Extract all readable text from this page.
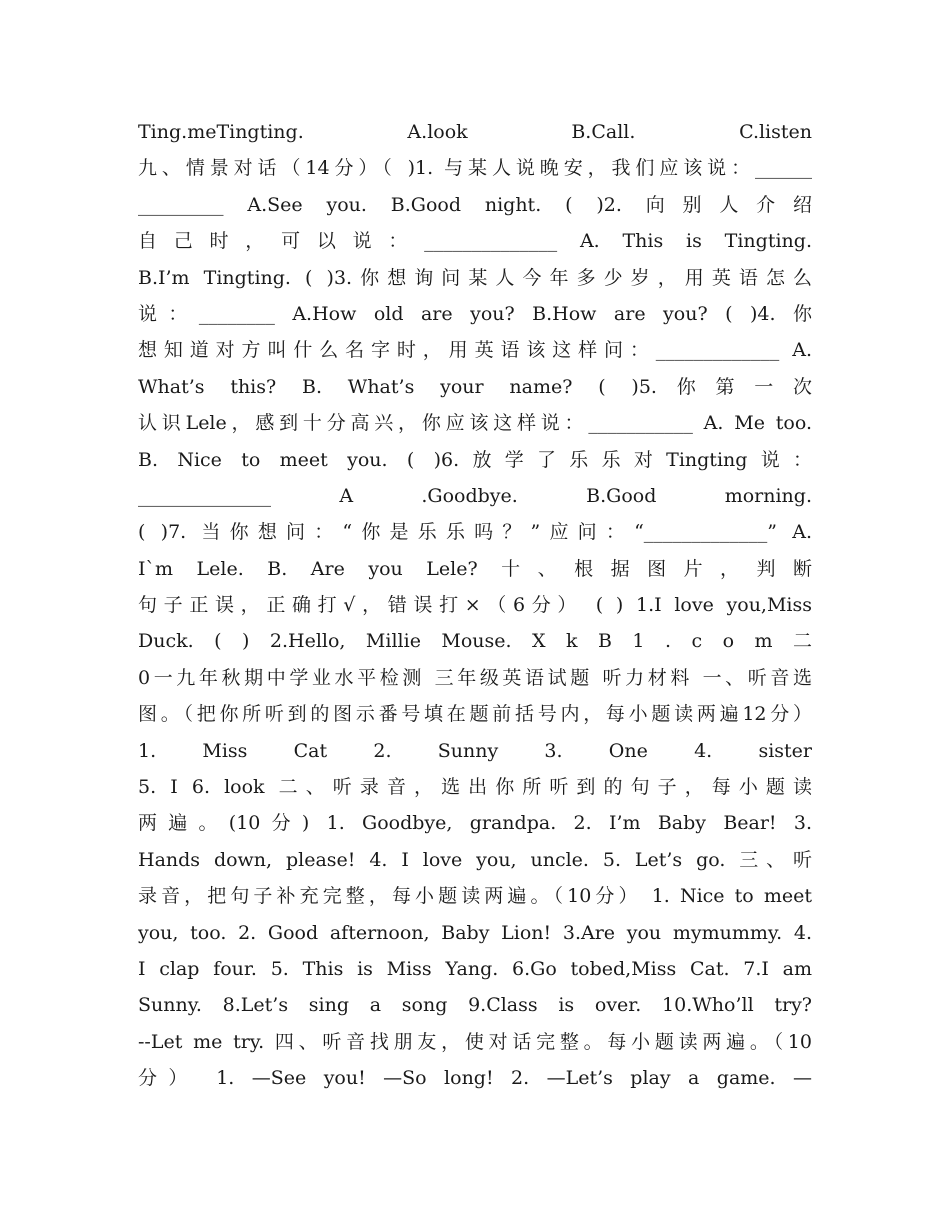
Ting.meTingting. A.look B.Call. C.listen
九、情景对话（14分）（ )1. 与某人说晚安，我们应该说：______
_________ A.See you. B.Good night. ( )2. 向别人介绍
自己时，可以说：______________ A. This is Tingting.
B.I’m Tingting. ( )3.你想询问某人今年多少岁，用英语怎么
说：________ A.How old are you? B.How are you? ( )4. 你
想知道对方叫什么名字时，用英语该这样问：_____________ A.
What’s this? B. What’s your name? ( )5.你第一次
认识Lele，感到十分高兴，你应该这样说：___________ A. Me too.
B. Nice to meet you. ( )6.放学了乐乐对Tingting说：
______________ A .Goodbye. B.Good morning.
( )7. 当你想问：“你是乐乐吗？”应问：“_____________” A.
I`m Lele. B. Are you Lele? 十、根据图片，判断
句子正误，正确打√，错误打×（6分） ( ) 1.I love you,Miss
Duck. ( ) 2.Hello, Millie Mouse. X k B 1 . c o m 二
0一九年秋期中学业水平检测 三年级英语试题 听力材料 一、听音选
图。（把你所听到的图示番号填在题前括号内，每小题读两遍12分）
1. Miss Cat 2. Sunny 3. One 4. sister
5. I 6. look 二、听录音，选出你所听到的句子，每小题读
两遍。(10分) 1. Goodbye, grandpa. 2. I’m Baby Bear! 3.
Hands down, please! 4. I love you, uncle. 5. Let’s go. 三、听
录音，把句子补充完整，每小题读两遍。（10分） 1. Nice to meet
you, too. 2. Good afternoon, Baby Lion! 3.Are you mymummy. 4.
I clap four. 5. This is Miss Yang. 6.Go tobed,Miss Cat. 7.I am
Sunny. 8.Let’s sing a song 9.Class is over. 10.Who’ll try?
--Let me try. 四、听音找朋友，使对话完整。每小题读两遍。（10
分） 1. —See you! —So long! 2. —Let’s play a game. —
